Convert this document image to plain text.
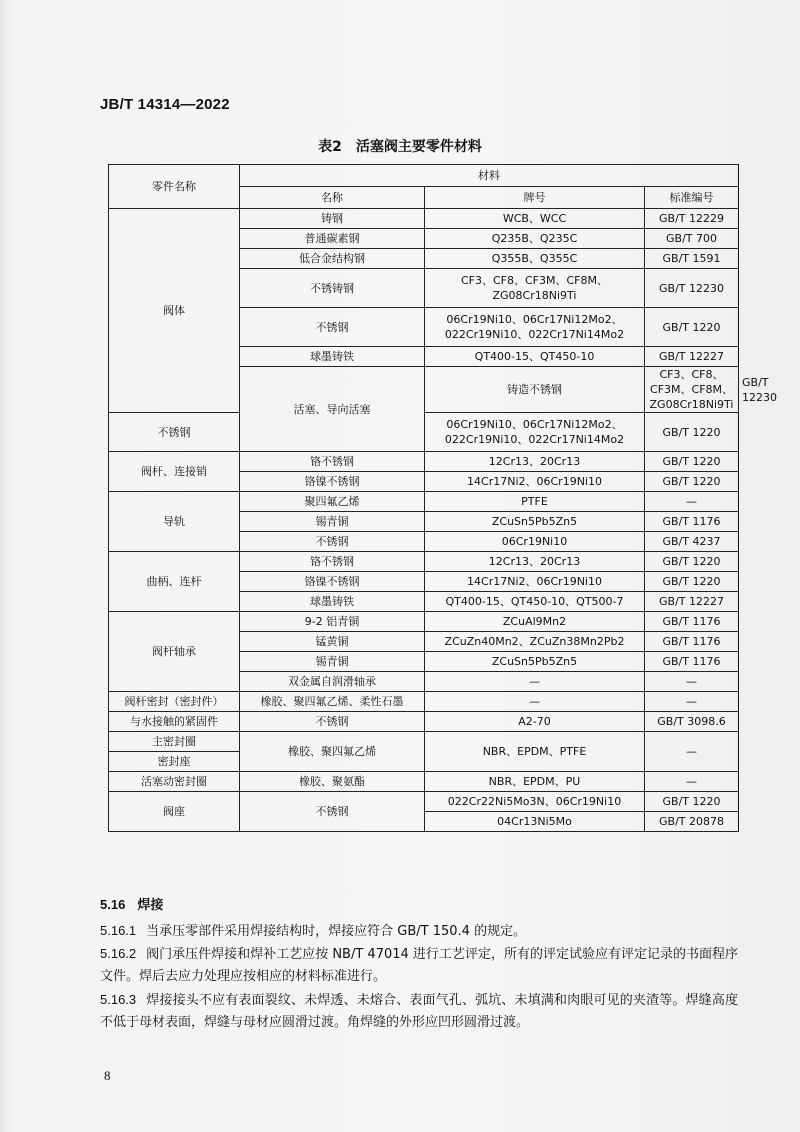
JB/T 14314—2022
表2　活塞阀主要零件材料
零件名称	材料			
	名称	牌号	标准编号	
阀体	铸钢	WCB、WCC	GB/T 12229	
	普通碳素钢	Q235B、Q235C	GB/T 700	
	低合金结构钢	Q355B、Q355C	GB/T 1591	
	不锈铸钢	CF3、CF8、CF3M、CF8M、
ZG08Cr18Ni9Ti	GB/T 12230	
	不锈钢	06Cr19Ni10、06Cr17Ni12Mo2、
022Cr19Ni10、022Cr17Ni14Mo2	GB/T 1220	
	球墨铸铁	QT400-15、QT450-10	GB/T 12227	
	活塞、导向活塞	铸造不锈钢	CF3、CF8、CF3M、CF8M、
ZG08Cr18Ni9Ti	GB/T 12230
不锈钢		06Cr19Ni10、06Cr17Ni12Mo2、
022Cr19Ni10、022Cr17Ni14Mo2	GB/T 1220	
阀杆、连接销	铬不锈钢	12Cr13、20Cr13	GB/T 1220	
	铬镍不锈钢	14Cr17Ni2、06Cr19Ni10	GB/T 1220	
导轨	聚四氟乙烯	PTFE	—	
	锡青铜	ZCuSn5Pb5Zn5	GB/T 1176	
	不锈钢	06Cr19Ni10	GB/T 4237	
曲柄、连杆	铬不锈钢	12Cr13、20Cr13	GB/T 1220	
	铬镍不锈钢	14Cr17Ni2、06Cr19Ni10	GB/T 1220	
	球墨铸铁	QT400-15、QT450-10、QT500-7	GB/T 12227	
阀杆轴承	9-2 铝青铜	ZCuAl9Mn2	GB/T 1176	
	锰黄铜	ZCuZn40Mn2、ZCuZn38Mn2Pb2	GB/T 1176	
	锡青铜	ZCuSn5Pb5Zn5	GB/T 1176	
	双金属自润滑轴承	—	—	
阀杆密封（密封件）	橡胶、聚四氟乙烯、柔性石墨	—	—	
与水接触的紧固件	不锈钢	A2-70	GB/T 3098.6	
主密封圈	橡胶、聚四氟乙烯	NBR、EPDM、PTFE	—	
密封座				
活塞动密封圈	橡胶、聚氨酯	NBR、EPDM、PU	—	
阀座	不锈钢	022Cr22Ni5Mo3N、06Cr19Ni10	GB/T 1220	
		04Cr13Ni5Mo	GB/T 20878	
5.16 焊接
5.16.1 当承压零部件采用焊接结构时，焊接应符合 GB/T 150.4 的规定。
5.16.2 阀门承压件焊接和焊补工艺应按 NB/T 47014 进行工艺评定，所有的评定试验应有评定记录的书面程序文件。焊后去应力处理应按相应的材料标准进行。
5.16.3 焊接接头不应有表面裂纹、未焊透、未熔合、表面气孔、弧坑、未填满和肉眼可见的夹渣等。焊缝高度不低于母材表面，焊缝与母材应圆滑过渡。角焊缝的外形应凹形圆滑过渡。
8
